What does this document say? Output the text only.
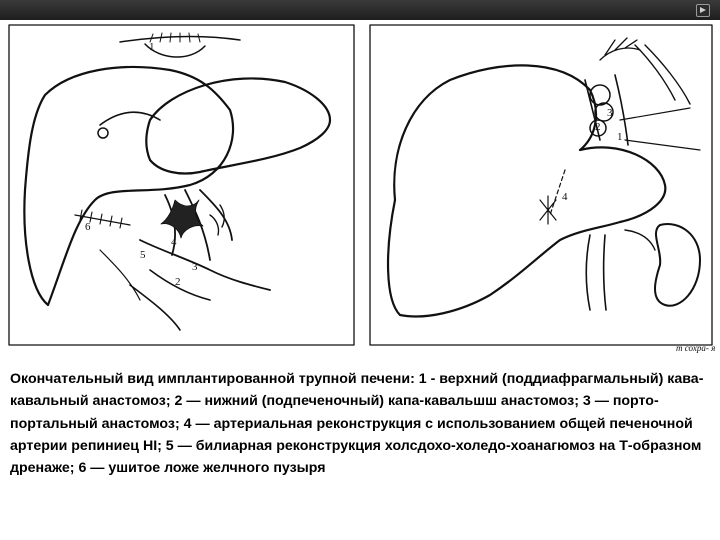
1
2
3
4
5
6
1
2
3
4
т сохра- я
Окончательный вид имплантированной трупной печени: 1 - верхний (поддиафрагмальный) кава-кавальный анастомоз; 2 — нижний (подпеченочный) капа-кавальшш анастомоз; 3 — порто-портальный анастомоз; 4 — артериальная реконструкция с использованием общей печеночной артерии репиниец HI; 5 — билиарная реконструкция холсдохо-холедо-хоанагюмоз на Т-образном дренаже; 6 — ушитое ложе желчного пузыря
